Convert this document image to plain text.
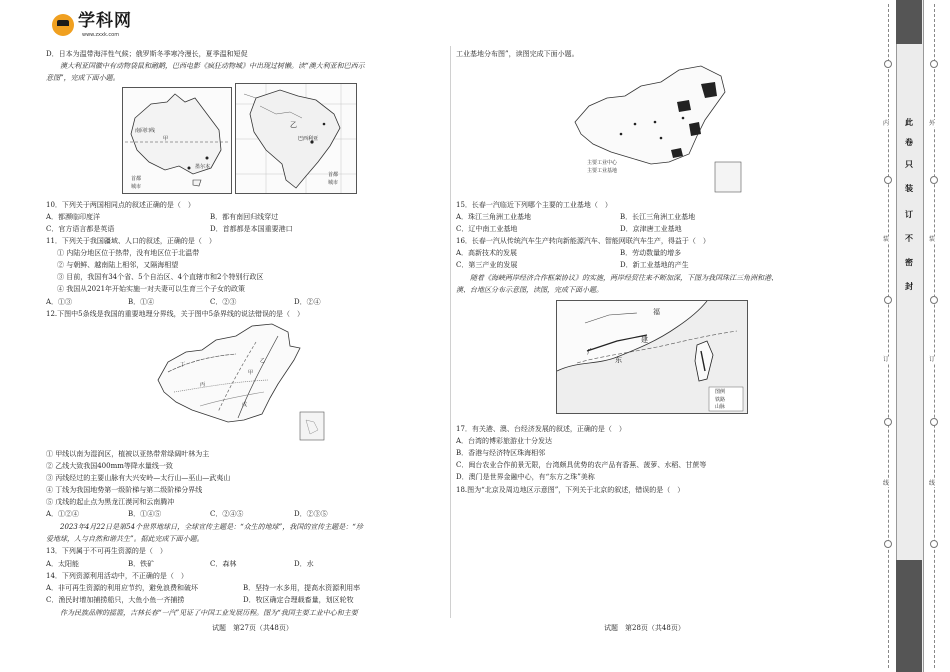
学科网
www.zxxk.com
D．日本为温带海洋性气候；俄罗斯冬季寒冷漫长，夏季温和短促
澳大利亚国徽中有动物袋鼠和鸸鹋，巴西电影《疯狂动物城》中出现过树懒。读“澳大利亚和巴西示
意图”，完成下面小题。
南回归线
甲
墨尔本
首都
城市
乙
巴西利亚
首都
城市
10．下列关于两国相同点的叙述正确的是（　）
A．都濒临印度洋	B．都有南回归线穿过
C．官方语言都是英语	D．首都都是本国重要港口
11．下列关于我国疆域、人口的叙述，正确的是（　）
① 内陆分地区位于热带，没有地区位于北温带
② 与朝鲜、越南陆上相邻，又隔海相望
③ 目前，我国有34个省、5个自治区、4个直辖市和2个特别行政区
④ 我国从2021年开始实施一对夫妻可以生育三个子女的政策
A．①③	B．①④	C．②③	D．②④
12.下图中5条线是我国的重要地理分界线，关于图中5条界线的说法错误的是（　）
甲
乙
丙
丁
戊
① 甲线以南为湿润区，植被以亚热带常绿阔叶林为主
② 乙线大致我国400mm等降水量线一致
③ 丙线经过的主要山脉有大兴安岭—太行山—巫山—武夷山
④ 丁线为我国地势第一级阶梯与第二级阶梯分界线
⑤ 戊线的起止点为黑龙江漠河和云南腾冲
A．①②④	B．①④⑤	C．②④⑤	D．②③⑤
2023年4月22日是第54个世界地球日，全球宣传主题是：“众生的地球”，我国的宣传主题是：“珍
爱地球，人与自然和谐共生”。据此完成下面小题。
13．下列属于不可再生资源的是（　）
A．太阳能	B．铁矿	C．森林	D．水
14．下列资源利用活动中，不正确的是（　）
A．非可再生资源的利用应节约，避免浪费和破坏	B．坚持一水多用，提高水资源利用率
C．渔民时增加捕捞船只，大鱼小鱼一齐捕捞	D．牧区确定合理载畜量，划区轮牧
作为民族品牌的摇篮，吉林长春“一汽”见证了中国工业发展历程。图为“我国主要工业中心和主要
工业基地分布图”，读图完成下面小题。
主要工业中心
主要工业基地
15．长春一汽临近下列哪个主要的工业基地（　）
A．珠江三角洲工业基地	B．长江三角洲工业基地
C．辽中南工业基地	D．京津唐工业基地
16．长春一汽从传统汽车生产转向新能源汽车、智能网联汽车生产，得益于（　）
A．高新技术的发展	B．劳动数量的增多
C．第三产业的发展	D．新工业基地的产生
随着《海峡两岸经济合作框架协议》的实施，两岸经贸往来不断加深，下图为我国珠江三角洲和港、
澳、台地区分布示意图，读图，完成下面小题。
福
建
东
广
图例
铁路
山脉
17．有关港、澳、台经济发展的叙述，正确的是（　）
A．台湾的博彩旅游业十分发达
B．香港与经济特区珠海相邻
C．闽台农业合作前景无限，台湾颇具优势的农产品有香蕉、菠萝、水稻、甘蔗等
D．澳门是世界金融中心，有“东方之珠”美称
18.图为“北京及周边地区示意图”，下列关于北京的叙述，错误的是（　）
试题　第27页（共48页）	试题　第28页（共48页）
内
装
订
线
此
卷
只
装
订
不
密
封
外
装
订
线
